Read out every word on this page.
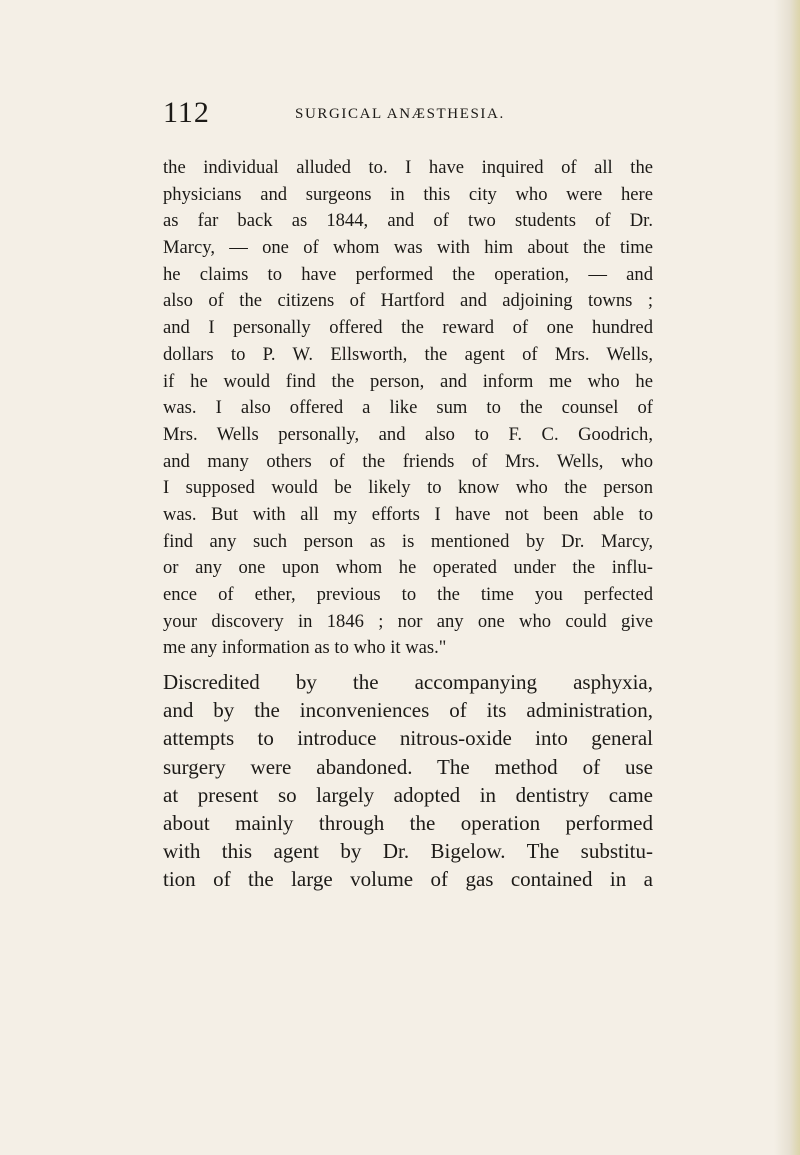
112	SURGICAL ANÆSTHESIA.
the individual alluded to. I have inquired of all the
physicians and surgeons in this city who were here
as far back as 1844, and of two students of Dr.
Marcy, — one of whom was with him about the time
he claims to have performed the operation, — and
also of the citizens of Hartford and adjoining towns ;
and I personally offered the reward of one hundred
dollars to P. W. Ellsworth, the agent of Mrs. Wells,
if he would find the person, and inform me who he
was. I also offered a like sum to the counsel of
Mrs. Wells personally, and also to F. C. Goodrich,
and many others of the friends of Mrs. Wells, who
I supposed would be likely to know who the person
was. But with all my efforts I have not been able to
find any such person as is mentioned by Dr. Marcy,
or any one upon whom he operated under the influ-
ence of ether, previous to the time you perfected
your discovery in 1846 ; nor any one who could give
me any information as to who it was."
Discredited by the accompanying asphyxia,
and by the inconveniences of its administration,
attempts to introduce nitrous-oxide into general
surgery were abandoned. The method of use
at present so largely adopted in dentistry came
about mainly through the operation performed
with this agent by Dr. Bigelow. The substitu-
tion of the large volume of gas contained in a
